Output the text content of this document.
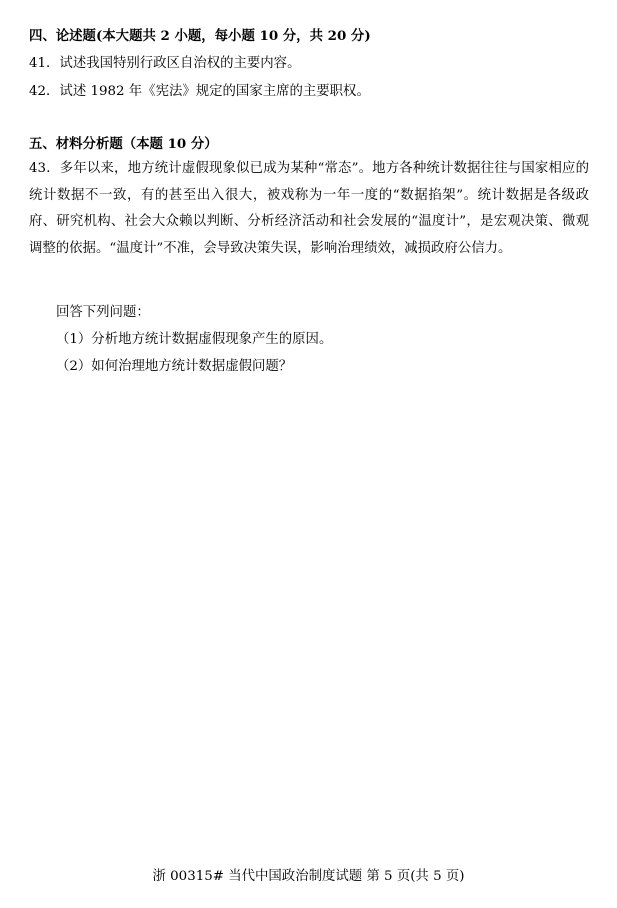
四、论述题(本大题共 2 小题，每小题 10 分，共 20 分)
41．试述我国特别行政区自治权的主要内容。
42．试述 1982 年《宪法》规定的国家主席的主要职权。
五、材料分析题（本题 10 分）
43．多年以来，地方统计虚假现象似已成为某种“常态”。地方各种统计数据往往与国家相应的统计数据不一致，有的甚至出入很大，被戏称为一年一度的“数据掐架”。统计数据是各级政府、研究机构、社会大众赖以判断、分析经济活动和社会发展的“温度计”，是宏观决策、微观调整的依据。“温度计”不准，会导致决策失误，影响治理绩效，减损政府公信力。
回答下列问题：
（1）分析地方统计数据虚假现象产生的原因。
（2）如何治理地方统计数据虚假问题？
浙 00315# 当代中国政治制度试题 第 5 页(共 5 页)
